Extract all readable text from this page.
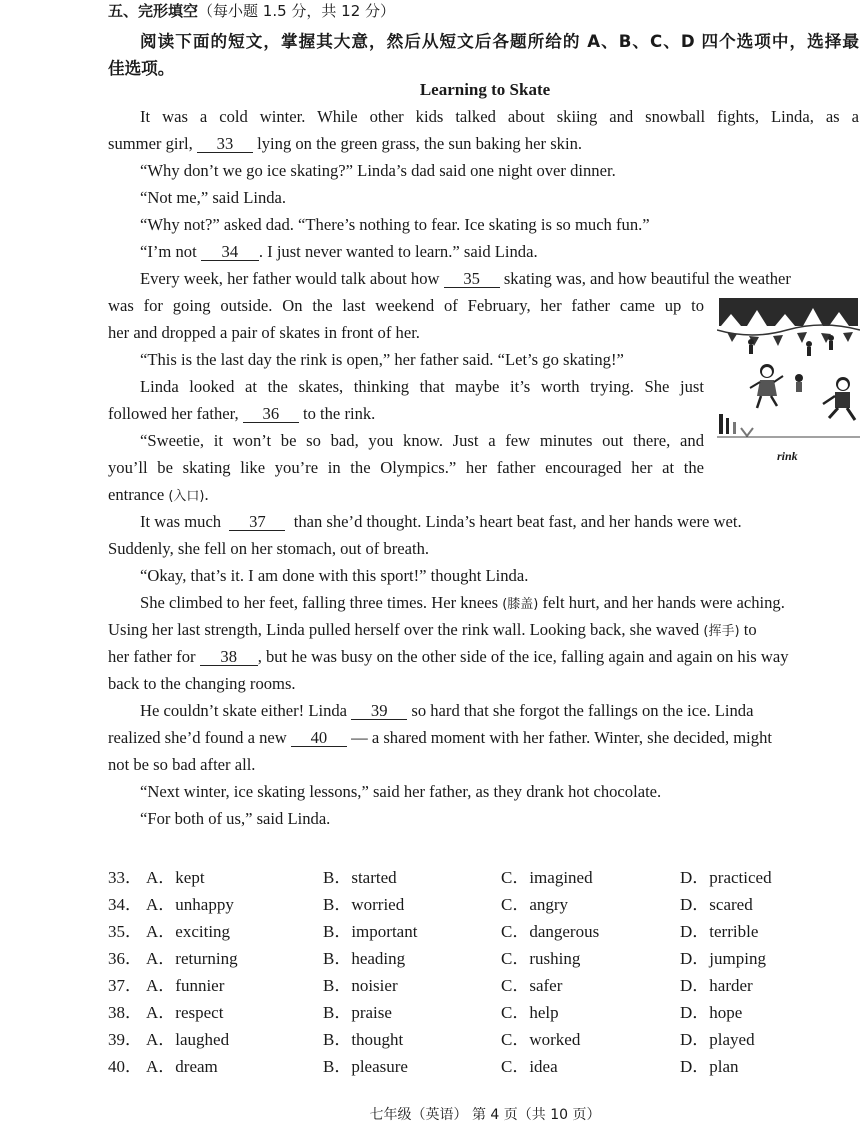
五、完形填空（每小题 1.5 分，共 12 分）
阅读下面的短文，掌握其大意，然后从短文后各题所给的 A、B、C、D 四个选项中，选择最
佳选项。
Learning to Skate
It was a cold winter. While other kids talked about skiing and snowball fights, Linda, as a
summer girl, 33 lying on the green grass, the sun baking her skin.
“Why don’t we go ice skating?” Linda’s dad said one night over dinner.
“Not me,” said Linda.
“Why not?” asked dad. “There’s nothing to fear. Ice skating is so much fun.”
“I’m not 34 . I just never wanted to learn.” said Linda.
Every week, her father would talk about how 35 skating was, and how beautiful the weather
was for going outside. On the last weekend of February, her father came up to
her and dropped a pair of skates in front of her.
“This is the last day the rink is open,” her father said. “Let’s go skating!”
Linda looked at the skates, thinking that maybe it’s worth trying. She just
followed her father, 36 to the rink.
“Sweetie, it won’t be so bad, you know. Just a few minutes out there, and
you’ll be skating like you’re in the Olympics.” her father encouraged her at the
entrance (入口).
It was much 37 than she’d thought. Linda’s heart beat fast, and her hands were wet.
Suddenly, she fell on her stomach, out of breath.
“Okay, that’s it. I am done with this sport!” thought Linda.
She climbed to her feet, falling three times. Her knees (膝盖) felt hurt, and her hands were aching.
Using her last strength, Linda pulled herself over the rink wall. Looking back, she waved (挥手) to
her father for 38 , but he was busy on the other side of the ice, falling again and again on his way
back to the changing rooms.
He couldn’t skate either! Linda 39 so hard that she forgot the fallings on the ice. Linda
realized she’d found a new 40 — a shared moment with her father. Winter, she decided, might
not be so bad after all.
“Next winter, ice skating lessons,” said her father, as they drank hot chocolate.
“For both of us,” said Linda.
rink
33． A．kept	B．started	C．imagined	D．practiced
34． A．unhappy	B．worried	C．angry	D．scared
35． A．exciting	B．important	C．dangerous	D．terrible
36． A．returning	B．heading	C．rushing	D．jumping
37． A．funnier	B．noisier	C．safer	D．harder
38． A．respect	B．praise	C．help	D．hope
39． A．laughed	B．thought	C．worked	D．played
40． A．dream	B．pleasure	C．idea	D．plan
七年级（英语） 第 4 页（共 10 页）
